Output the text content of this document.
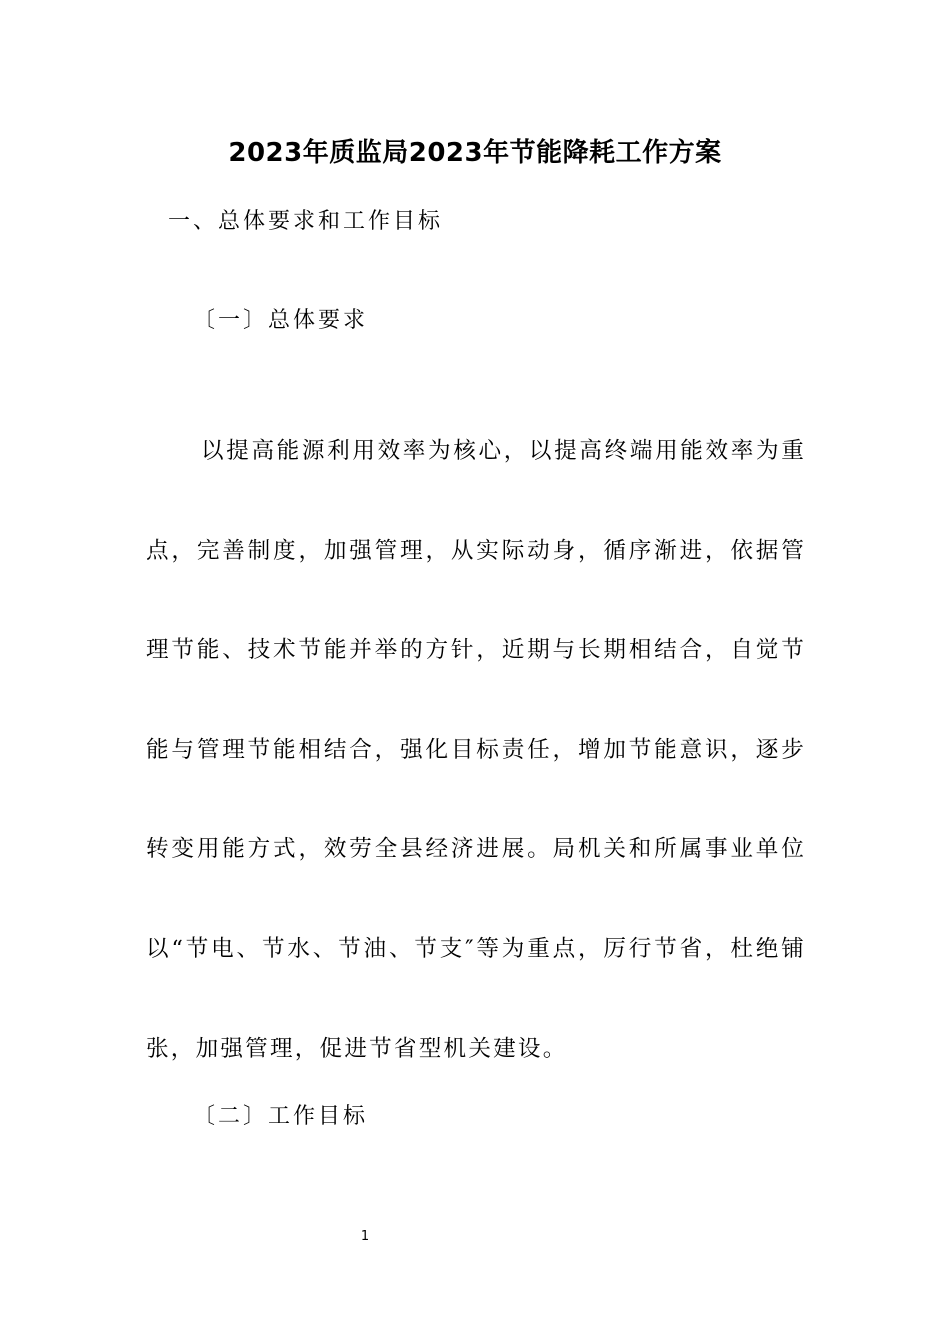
2023年质监局2023年节能降耗工作方案
一、总体要求和工作目标
〔一〕总体要求

以提高能源利用效率为核心，以提高终端用能效率为重点，完善制度，加强管理，从实际动身，循序渐进，依据管理节能、技术节能并举的方针，近期与长期相结合，自觉节能与管理节能相结合，强化目标责任，增加节能意识，逐步转变用能方式，效劳全县经济进展。局机关和所属事业单位以“节电、节水、节油、节支″等为重点，厉行节省，杜绝铺张，加强管理，促进节省型机关建设。

〔二〕工作目标
1
